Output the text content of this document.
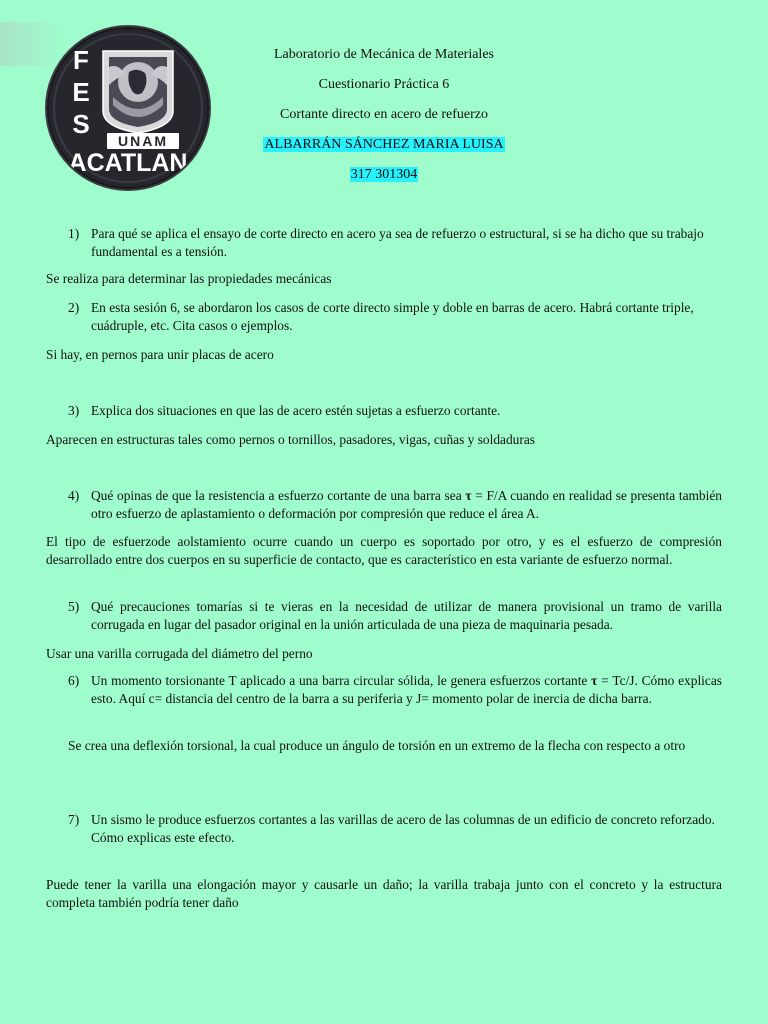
F
E
S
UNAM
ACATLAN

Laboratorio de Mecánica de Materiales

Cuestionario Práctica 6

Cortante directo en acero de refuerzo

ALBARRÁN SÁNCHEZ MARIA LUISA

317 301304

1) Para qué se aplica el ensayo de corte directo en acero ya sea de refuerzo o estructural, si se ha dicho que su trabajo fundamental es a tensión.
Se realiza para determinar las propiedades mecánicas
2) En esta sesión 6, se abordaron los casos de corte directo simple y doble en barras de acero. Habrá cortante triple, cuádruple, etc. Cita casos o ejemplos.
Si hay, en pernos para unir placas de acero
3) Explica dos situaciones en que las de acero estén sujetas a esfuerzo cortante.
Aparecen en estructuras tales como pernos o tornillos, pasadores, vigas, cuñas y soldaduras
4) Qué opinas de que la resistencia a esfuerzo cortante de una barra sea τ = F/A cuando en realidad se presenta también otro esfuerzo de aplastamiento o deformación por compresión que reduce el área A.
El tipo de esfuerzode aolstamiento ocurre cuando un cuerpo es soportado por otro, y es el esfuerzo de compresión desarrollado entre dos cuerpos en su superficie de contacto, que es característico en esta variante de esfuerzo normal.
5) Qué precauciones tomarías si te vieras en la necesidad de utilizar de manera provisional un tramo de varilla corrugada en lugar del pasador original en la unión articulada de una pieza de maquinaria pesada.
Usar una varilla corrugada del diámetro del perno
6) Un momento torsionante T aplicado a una barra circular sólida, le genera esfuerzos cortante τ = Tc/J. Cómo explicas esto. Aquí c= distancia del centro de la barra a su periferia y J= momento polar de inercia de dicha barra.
Se crea una deflexión torsional, la cual produce un ángulo de torsión en un extremo de la flecha con respecto a otro
7) Un sismo le produce esfuerzos cortantes a las varillas de acero de las columnas de un edificio de concreto reforzado. Cómo explicas este efecto.
Puede tener la varilla una elongación mayor y causarle un daño; la varilla trabaja junto con el concreto y la estructura completa también podría tener daño
